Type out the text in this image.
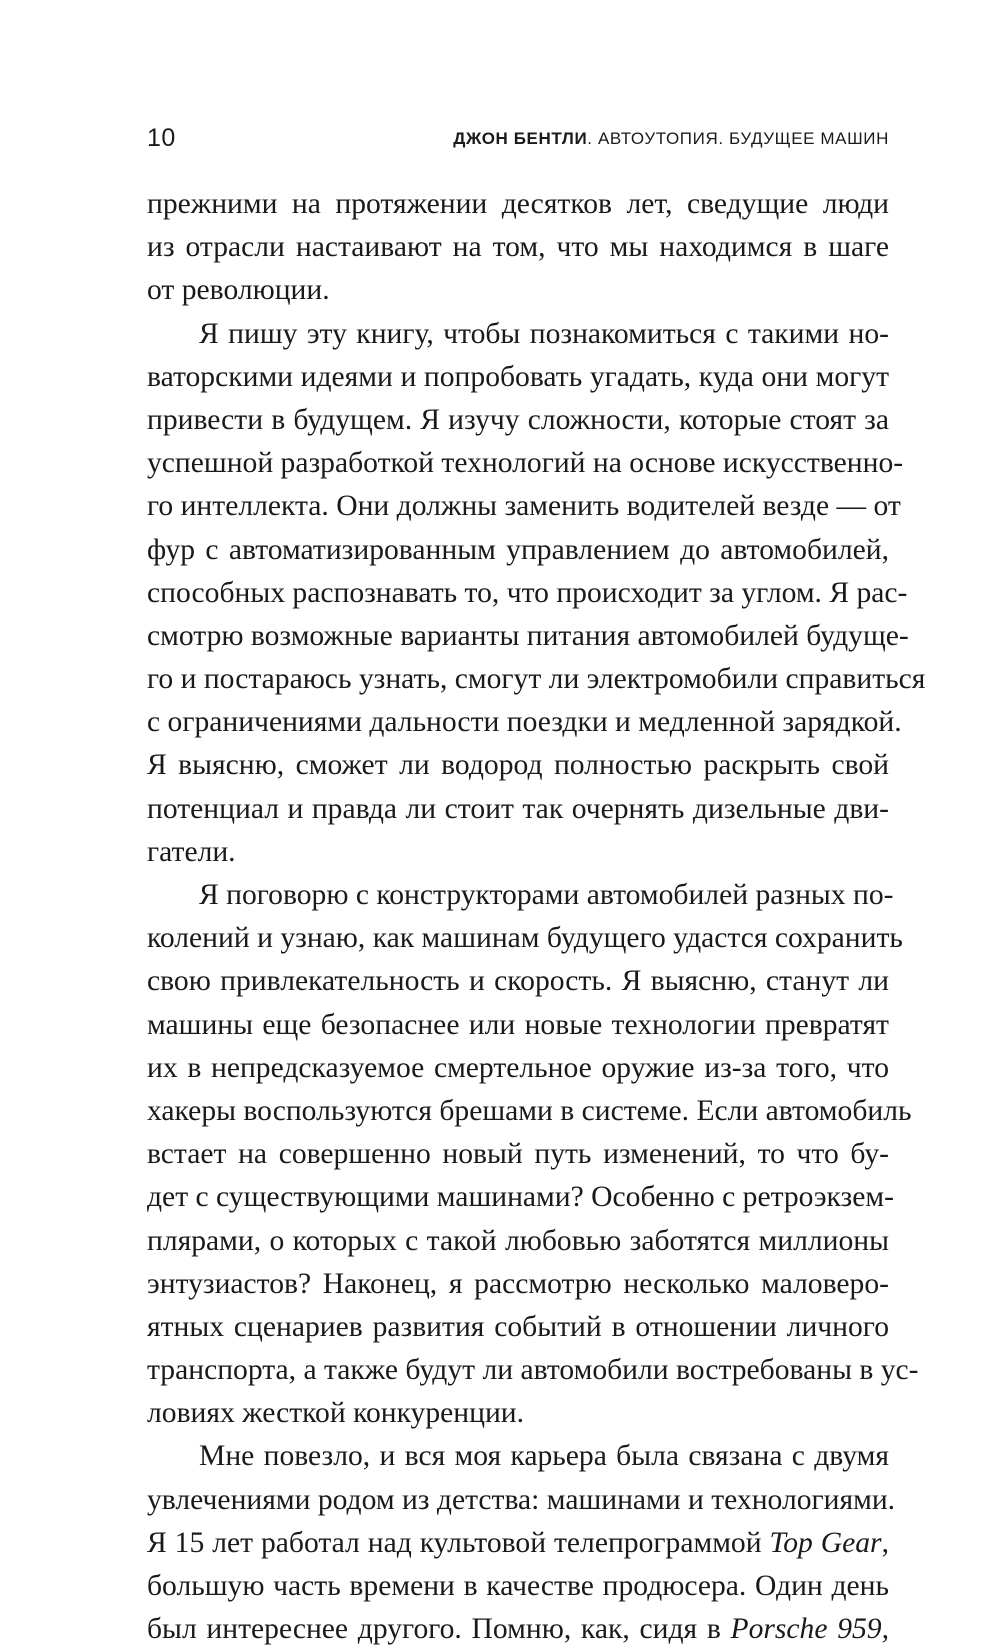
10	ДЖОН БЕНТЛИ. АВТОУТОПИЯ. БУДУЩЕЕ МАШИН
прежними на протяжении десятков лет, сведущие люди
из отрасли настаивают на том, что мы находимся в шаге
от революции.
Я пишу эту книгу, чтобы познакомиться с такими но-
ваторскими идеями и попробовать угадать, куда они могут
привести в будущем. Я изучу сложности, которые стоят за
успешной разработкой технологий на основе искусственно-
го интеллекта. Они должны заменить водителей везде — от
фур с автоматизированным управлением до автомобилей,
способных распознавать то, что происходит за углом. Я рас-
смотрю возможные варианты питания автомобилей будуще-
го и постараюсь узнать, смогут ли электромобили справиться
с ограничениями дальности поездки и медленной зарядкой.
Я выясню, сможет ли водород полностью раскрыть свой
потенциал и правда ли стоит так очернять дизельные дви-
гатели.
Я поговорю с конструкторами автомобилей разных по-
колений и узнаю, как машинам будущего удастся сохранить
свою привлекательность и скорость. Я выясню, станут ли
машины еще безопаснее или новые технологии превратят
их в непредсказуемое смертельное оружие из-за того, что
хакеры воспользуются брешами в системе. Если автомобиль
встает на совершенно новый путь изменений, то что бу-
дет с существующими машинами? Особенно с ретроэкзем-
плярами, о которых с такой любовью заботятся миллионы
энтузиастов? Наконец, я рассмотрю несколько маловеро-
ятных сценариев развития событий в отношении личного
транспорта, а также будут ли автомобили востребованы в ус-
ловиях жесткой конкуренции.
Мне повезло, и вся моя карьера была связана с двумя
увлечениями родом из детства: машинами и технологиями.
Я 15 лет работал над культовой телепрограммой Top Gear,
большую часть времени в качестве продюсера. Один день
был интереснее другого. Помню, как, сидя в Porsche 959,
